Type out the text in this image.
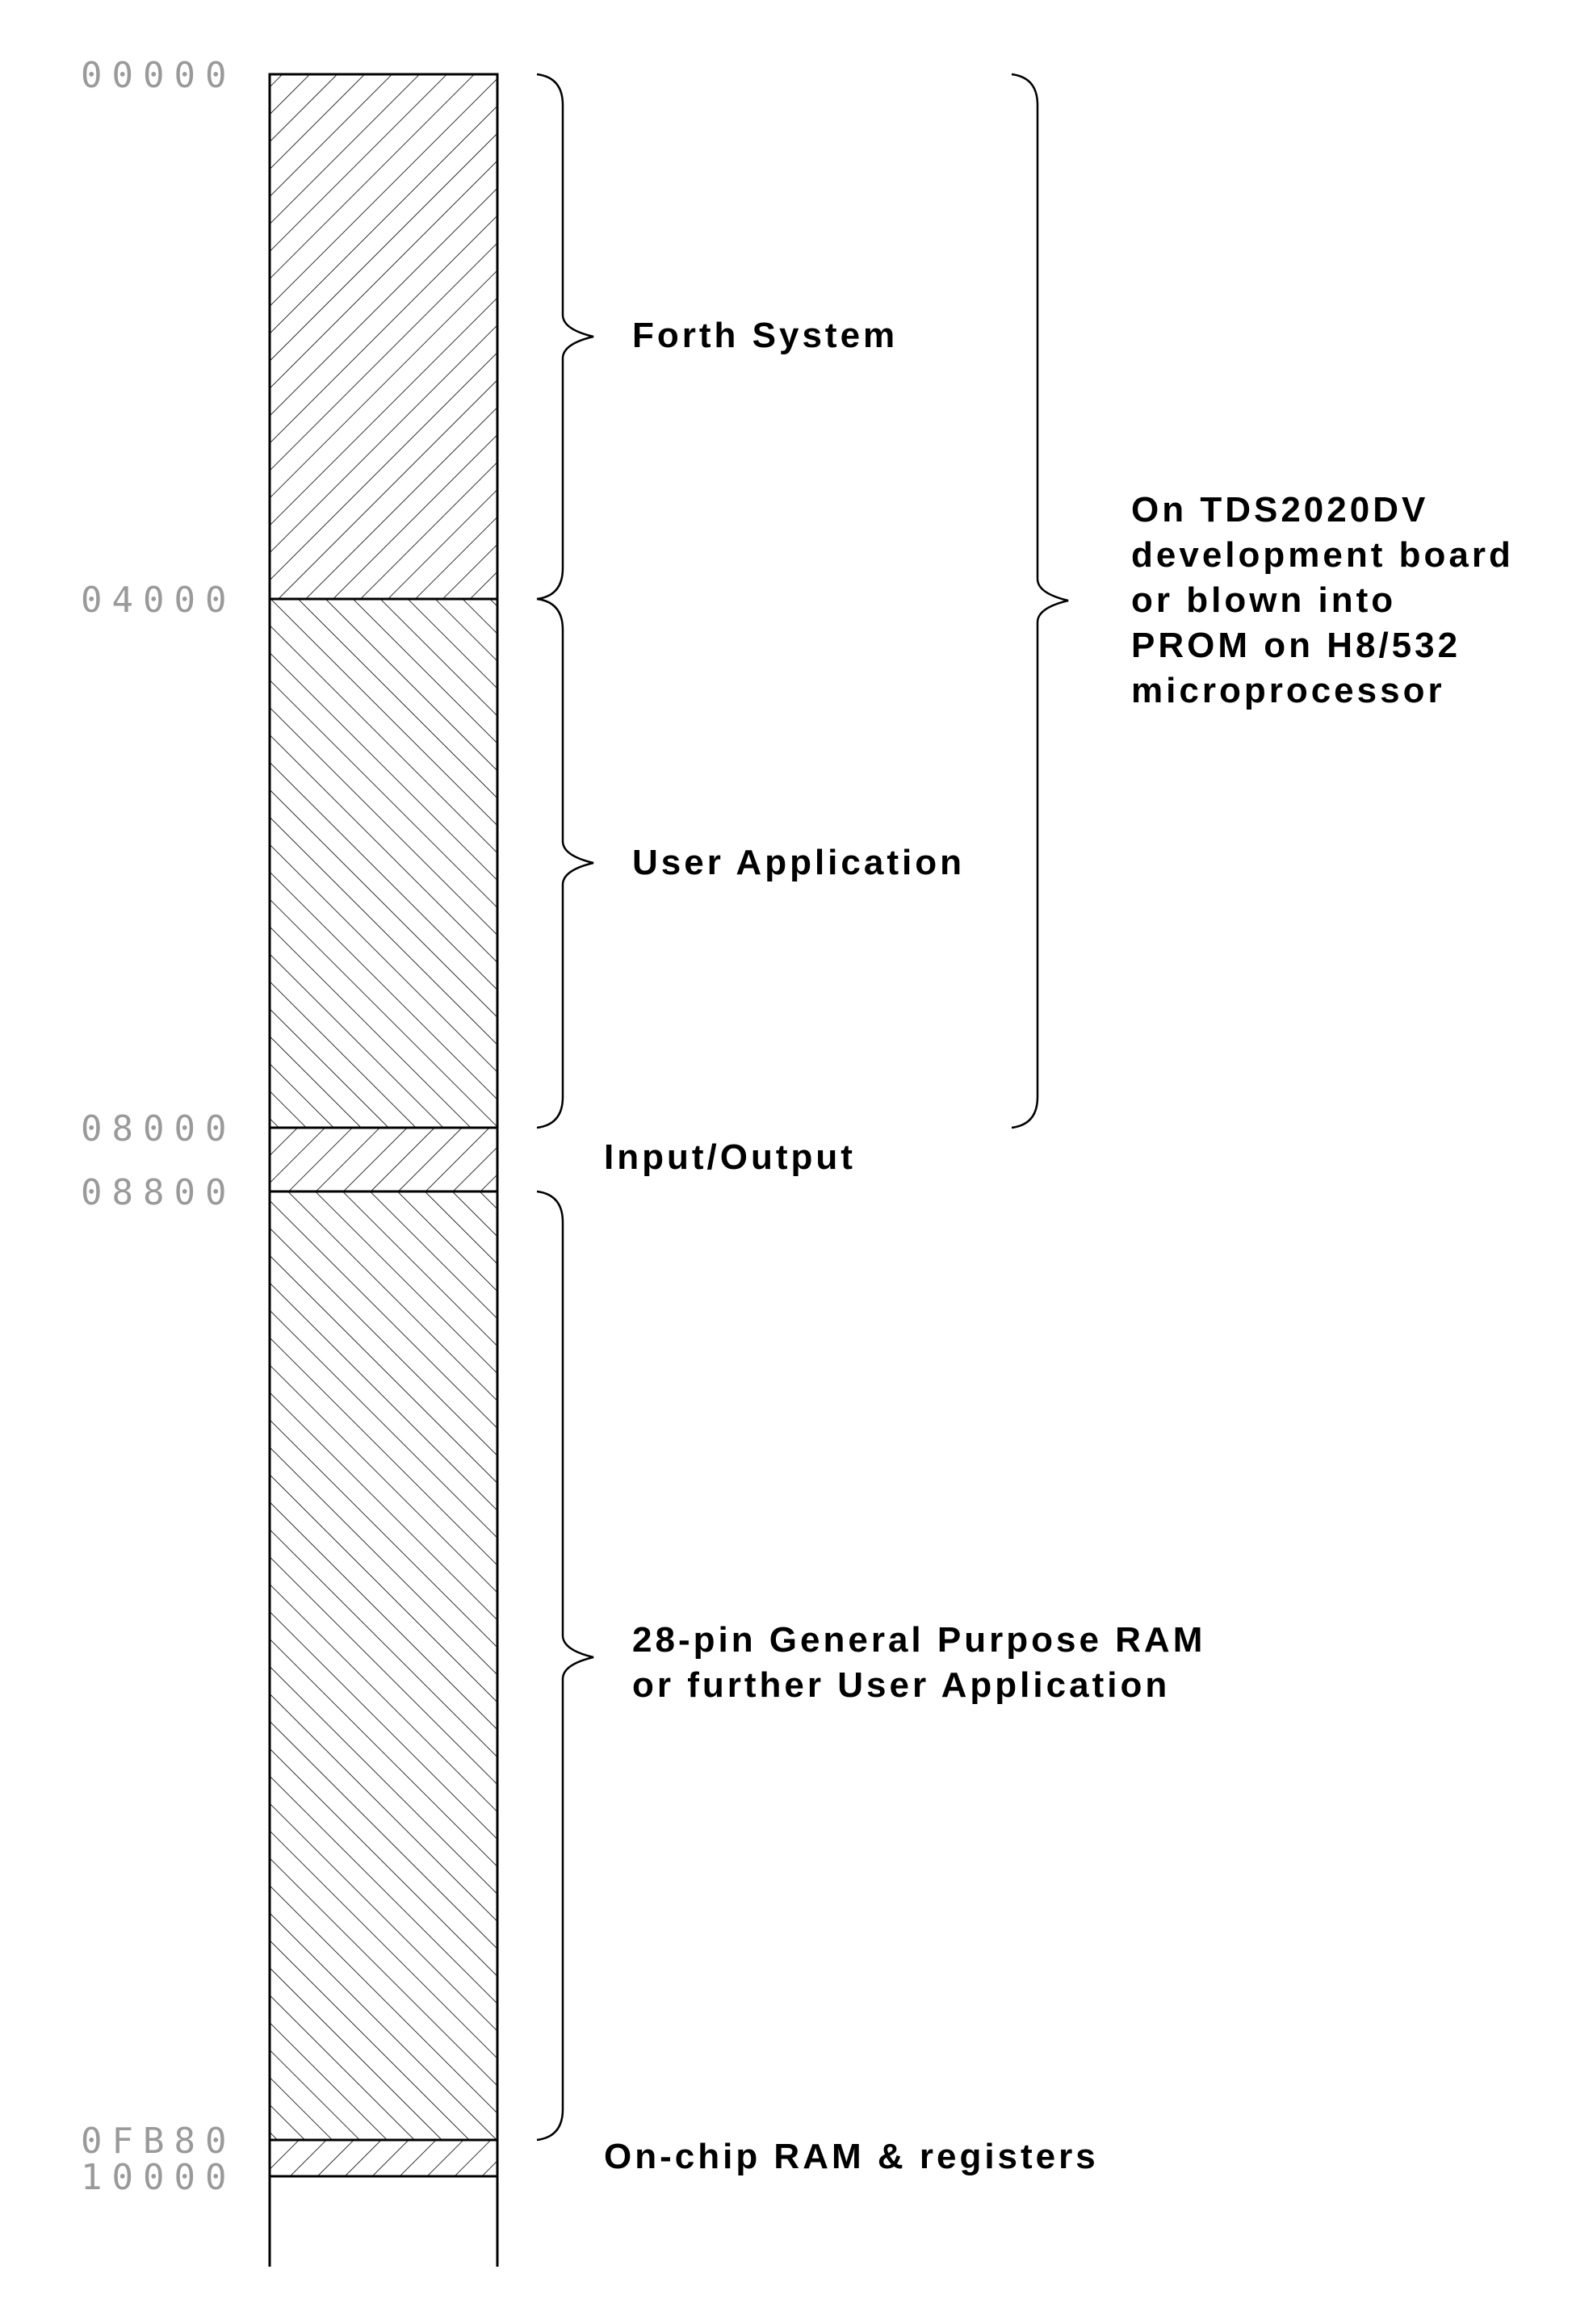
00000
04000
08000
08800
0FB80
10000
Forth System
User Application
Input/Output
28-pin General Purpose RAM
or further User Application
On-chip RAM & registers
On TDS2020DV
development board
or blown into
PROM on H8/532
microprocessor
